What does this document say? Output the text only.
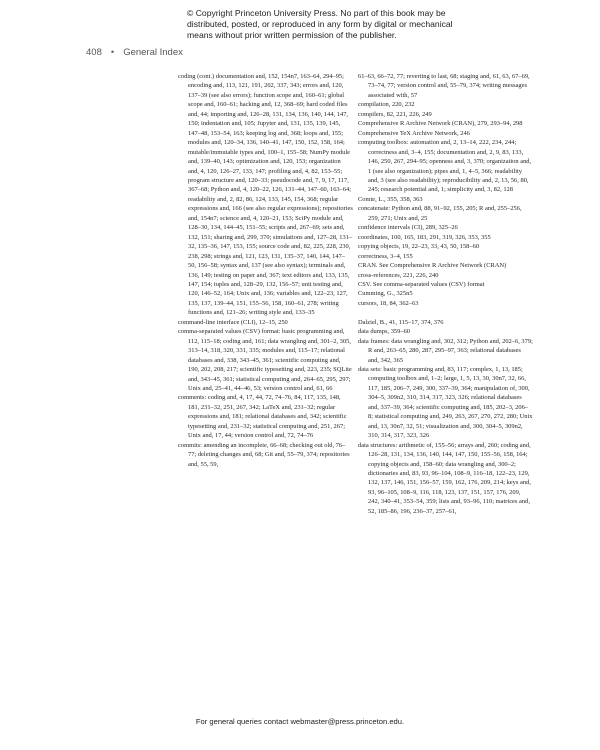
© Copyright Princeton University Press. No part of this book may be
distributed, posted, or reproduced in any form by digital or mechanical
means without prior written permission of the publisher.
408 • General Index
coding (cont.) documentation and, 152, 154n7, 163–64, 294–95; encoding and, 113, 121, 191, 202, 337, 343; errors and, 120, 137–39 (see also errors); function scope and, 160–61; global scope and, 160–61; hacking and, 12, 368–69; hard coded files and, 44; importing and, 126–28, 131, 134, 136, 140, 144, 147, 150; indentation and, 105; Jupyter and, 131, 135, 139, 145, 147–48, 153–54, 163; keeping log and, 368; loops and, 155; modules and, 120–34, 136, 140–41, 147, 150, 152, 158, 164; mutable/immutable types and, 100–1, 155–58; NumPy module and, 139–40, 143; optimization and, 120, 153; organization and, 4, 120, 126–27, 133, 147; profiling and, 4, 82, 153–55; program structure and, 120–33; pseudocode and, 7, 9, 17, 117, 367–68; Python and, 4, 120–22, 126, 131–44, 147–60, 163–64; readability and, 2, 82, 86, 124, 133, 145, 154, 368; regular expressions and, 166 (see also regular expressions); repositories and, 154n7; science and, 4, 120–21, 153; SciPy module and, 128–30, 134, 144–45, 151–55; scripts and, 267–69; sets and, 132, 151; sharing and, 299, 370; simulations and, 127–28, 131–32, 135–36, 147, 153, 155; source code and, 82, 225, 228, 230, 238, 298; strings and, 121, 123, 131, 135–37, 140, 144, 147–50, 156–58; syntax and, 137 (see also syntax); terminals and, 136, 149; testing on paper and, 367; text editors and, 133, 135, 147, 154; tuples and, 128–29, 132, 156–57; unit testing and, 120, 146–52, 164; Unix and, 136; variables and, 122–23, 127, 135, 137, 139–44, 151, 155–56, 158, 160–61, 278; writing functions and, 121–26; writing style and, 133–35
command-line interface (CLI), 12–15, 250
comma-separated values (CSV) format: basic programming and, 112, 115–18; coding and, 161; data wrangling and, 301–2, 305, 313–14, 318, 320, 331, 335; modules and, 115–17; relational databases and, 338, 343–45, 361; scientific computing and, 190, 202, 208, 217; scientific typesetting and, 223, 235; SQLite and, 343–45, 361; statistical computing and, 264–65, 295, 297; Unix and, 25–41, 44–46, 53; version control and, 61, 66
comments: coding and, 4, 17, 44, 72, 74–76, 84, 117, 135, 148, 181, 231–32, 251, 267, 342; LaTeX and, 231–32; regular expressions and, 181; relational databases and, 342; scientific typesetting and, 231–32; statistical computing and, 251, 267; Unix and, 17, 44; version control and, 72, 74–76
commits: amending an incomplete, 66–68; checking out old, 76–77; deleting changes and, 68; Git and, 55–79, 374; repositories and, 55, 59,
61–63, 66–72, 77; reverting to last, 68; staging and, 61, 63, 67–69, 73–74, 77; version control and, 55–79, 374; writing messages associated with, 57
compilation, 220, 232
compilers, 82, 221, 226, 249
Comprehensive R Archive Network (CRAN), 279, 293–94, 298
Comprehensive TeX Archive Network, 246
computing toolbox: automation and, 2, 13–14, 222, 234, 244; correctness and, 3–4, 155; documentation and, 2, 9, 83, 133, 146, 250, 267, 294–95; openness and, 3, 370; organization and, 1 (see also organization); pipes and, 1, 4–5, 366; readability and, 3 (see also readability); reproducibility and, 2, 13, 56, 80, 245; research potential and, 1; simplicity and, 3, 82, 128
Comte, L., 355, 358, 363
concatenate: Python and, 88, 91–92, 155, 205; R and, 255–256, 259, 271; Unix and, 25
confidence intervals (CI), 289, 325–26
coordinates, 100, 165, 183, 291, 319, 326, 353, 355
copying objects, 19, 22–23, 33, 43, 50, 158–60
correctness, 3–4, 155
CRAN. See Comprehensive R Archive Network (CRAN)
cross-references, 221, 226, 240
CSV. See comma-separated values (CSV) format
Cumming, G., 325n5
cursors, 18, 84, 362–63
Dalziel, B., 41, 115–17, 374, 376
data dumps, 359–60
data frames: data wrangling and, 302, 312; Python and, 202–6, 379; R and, 263–65, 280, 287, 295–97, 363; relational databases and, 342, 365
data sets: basic programming and, 83, 117; complex, 1, 13, 185; computing toolbox and, 1–2; large, 1, 5, 13, 30, 30n7, 32, 66, 117, 185, 206–7, 249, 300, 337–39, 364; manipulation of, 300, 304–5, 309n2, 310, 314, 317, 323, 326; relational databases and, 337–39, 364; scientific computing and, 185, 202–3, 206–8; statistical computing and, 249, 263, 267, 270, 272, 280; Unix and, 13, 30n7, 32, 51; visualization and, 300, 304–5, 309n2, 310, 314, 317, 323, 326
data structures: arithmetic of, 155–56; arrays and, 260; coding and, 126–28, 131, 134, 136, 140, 144, 147, 150, 155–56, 158, 164; copying objects and, 158–60; data wrangling and, 300–2; dictionaries and, 83, 93, 96–104, 108–9, 116–18, 122–23, 129, 132, 137, 146, 151, 156–57, 159, 162, 176, 209, 214; keys and, 93, 96–105, 108–9, 116, 118, 123, 137, 151, 157, 176, 209, 242, 340–41, 353–54, 359; lists and, 93–96, 110; matrices and, 52, 185–86, 196, 236–37, 257–61,
For general queries contact webmaster@press.princeton.edu.
